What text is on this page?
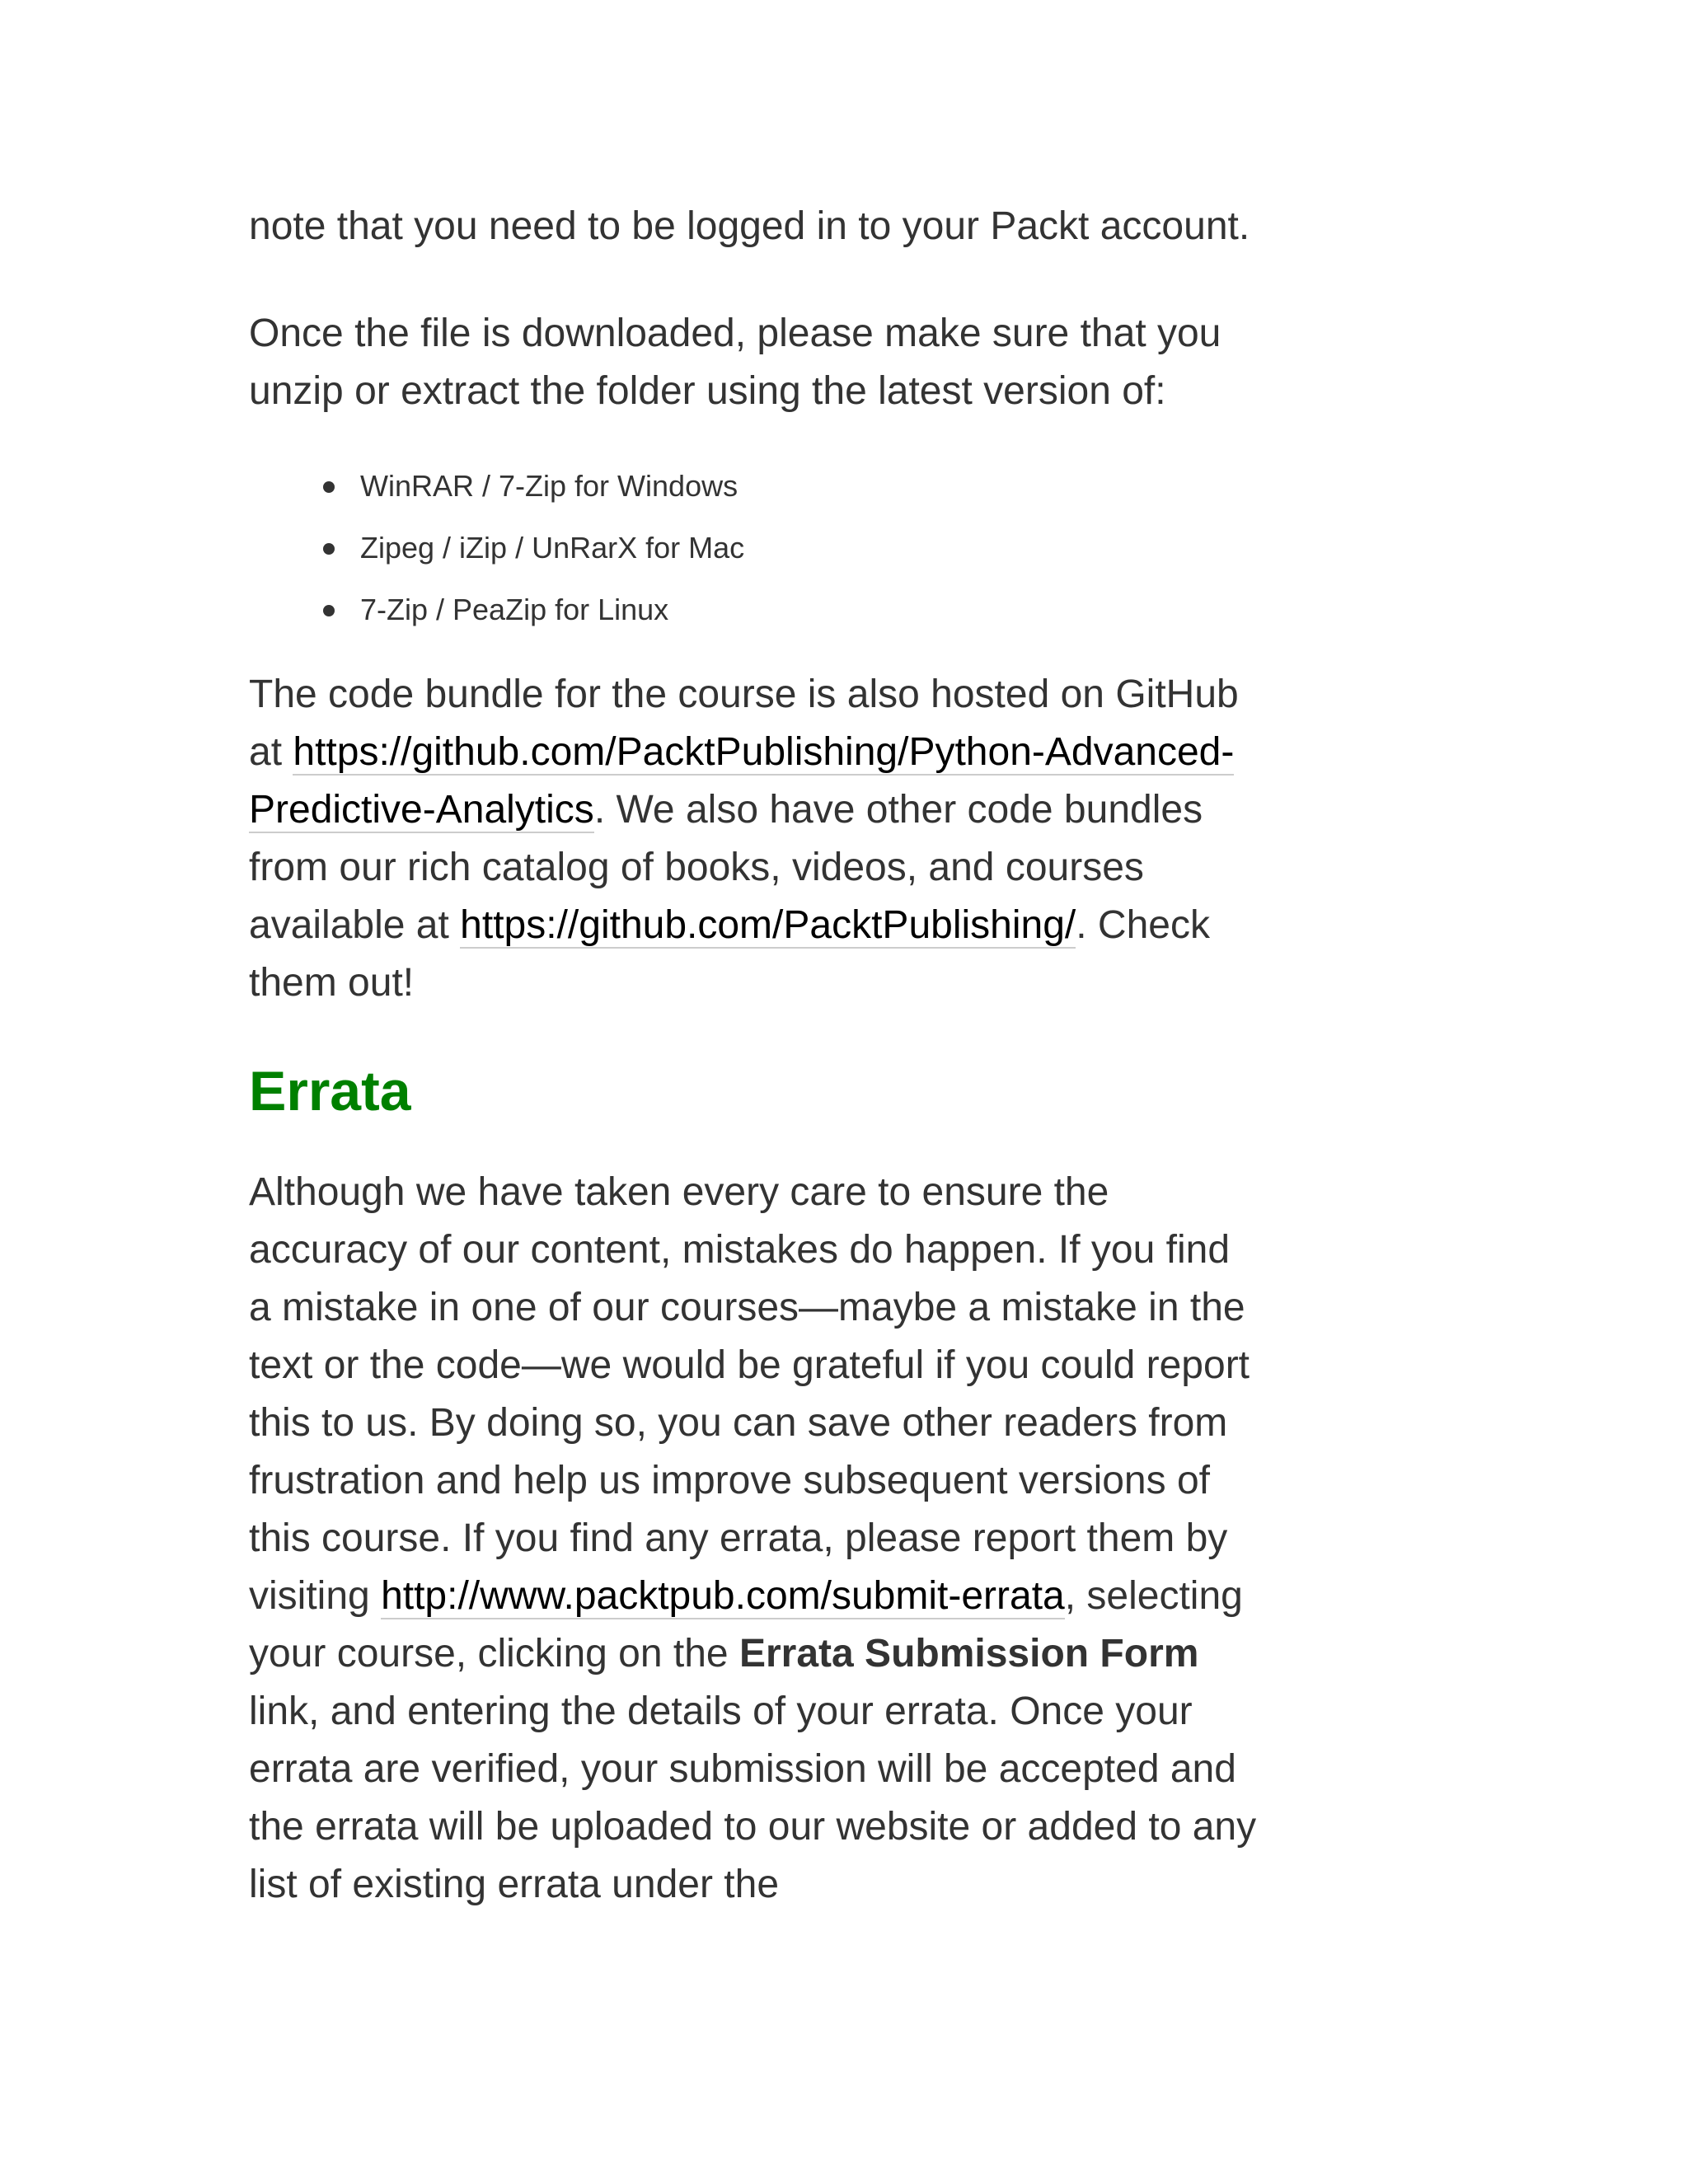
note that you need to be logged in to your Packt account.

Once the file is downloaded, please make sure that you unzip or extract the folder using the latest version of:

WinRAR / 7-Zip for Windows
Zipeg / iZip / UnRarX for Mac
7-Zip / PeaZip for Linux

The code bundle for the course is also hosted on GitHub at https://github.com/PacktPublishing/Python-Advanced-Predictive-Analytics. We also have other code bundles from our rich catalog of books, videos, and courses available at https://github.com/PacktPublishing/. Check them out!

Errata

Although we have taken every care to ensure the accuracy of our content, mistakes do happen. If you find a mistake in one of our courses—maybe a mistake in the text or the code—we would be grateful if you could report this to us. By doing so, you can save other readers from frustration and help us improve subsequent versions of this course. If you find any errata, please report them by visiting http://www.packtpub.com/submit-errata, selecting your course, clicking on the Errata Submission Form link, and entering the details of your errata. Once your errata are verified, your submission will be accepted and the errata will be uploaded to our website or added to any list of existing errata under the
